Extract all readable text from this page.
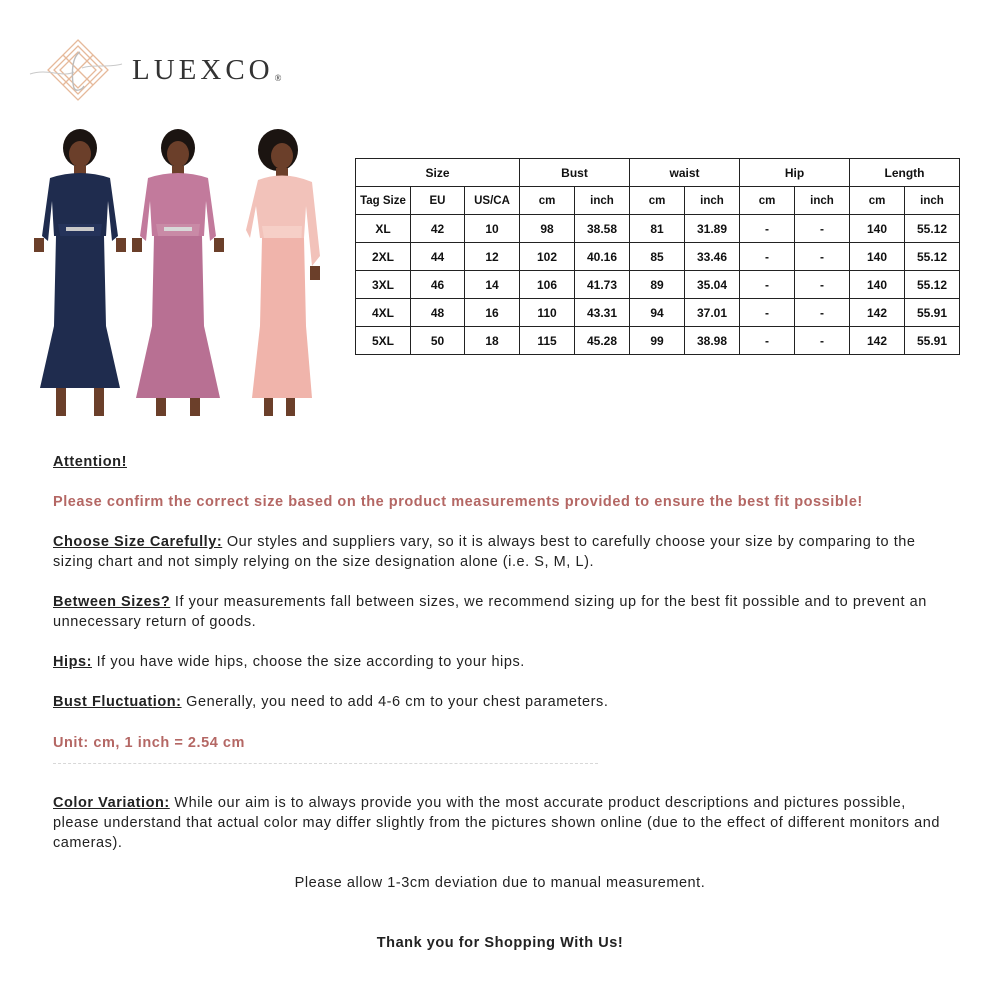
LUEXCO®
Size			Bust		waist		Hip		Length	
Tag Size	EU	US/CA	cm	inch	cm	inch	cm	inch	cm	inch
XL	42	10	98	38.58	81	31.89	-	-	140	55.12
2XL	44	12	102	40.16	85	33.46	-	-	140	55.12
3XL	46	14	106	41.73	89	35.04	-	-	140	55.12
4XL	48	16	110	43.31	94	37.01	-	-	142	55.91
5XL	50	18	115	45.28	99	38.98	-	-	142	55.91
Attention!
Please confirm the correct size based on the product measurements provided to ensure the best fit possible!
Choose Size Carefully: Our styles and suppliers vary, so it is always best to carefully choose your size by comparing to the sizing chart and not simply relying on the size designation alone (i.e. S, M, L).
Between Sizes? If your measurements fall between sizes, we recommend sizing up for the best fit possible and to prevent an unnecessary return of goods.
Hips: If you have wide hips, choose the size according to your hips.
Bust Fluctuation: Generally, you need to add 4-6 cm to your chest parameters.
Unit: cm, 1 inch = 2.54 cm
Color Variation: While our aim is to always provide you with the most accurate product descriptions and pictures possible, please understand that actual color may differ slightly from the pictures shown online (due to the effect of different monitors and cameras).
Please allow 1-3cm deviation due to manual measurement.
Thank you for Shopping With Us!
